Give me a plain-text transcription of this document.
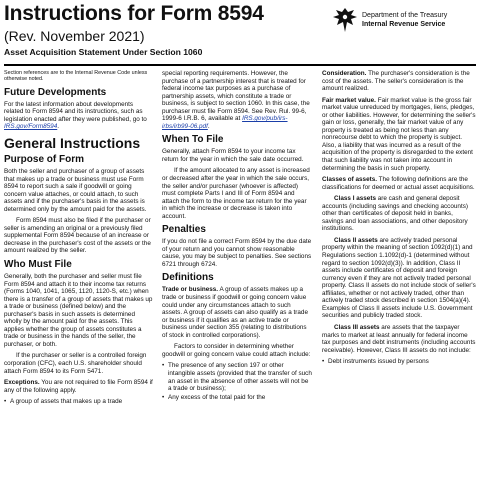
Instructions for Form 8594
(Rev. November 2021)
Asset Acquisition Statement Under Section 1060
Department of the Treasury
Internal Revenue Service

Section references are to the Internal Revenue Code unless otherwise noted.

Future Developments

For the latest information about developments related to Form 8594 and its instructions, such as legislation enacted after they were published, go to IRS.gov/Form8594.

General Instructions
Purpose of Form

Both the seller and purchaser of a group of assets that makes up a trade or business must use Form 8594 to report such a sale if goodwill or going concern value attaches, or could attach, to such assets and if the purchaser's basis in the assets is determined only by the amount paid for the assets.

Form 8594 must also be filed if the purchaser or seller is amending an original or a previously filed supplemental Form 8594 because of an increase or decrease in the purchaser's cost of the assets or the amount realized by the seller.

Who Must File

Generally, both the purchaser and seller must file Form 8594 and attach it to their income tax returns (Forms 1040, 1041, 1065, 1120, 1120-S, etc.) when there is a transfer of a group of assets that makes up a trade or business (defined below) and the purchaser's basis in such assets is determined wholly by the amount paid for the assets. This applies whether the group of assets constitutes a trade or business in the hands of the seller, the purchaser, or both.

If the purchaser or seller is a controlled foreign corporation (CFC), each U.S. shareholder should attach Form 8594 to its Form 5471.

Exceptions. You are not required to file Form 8594 if any of the following apply.

• A group of assets that makes up a trade

special reporting requirements. However, the purchase of a partnership interest that is treated for federal income tax purposes as a purchase of partnership assets, which constitute a trade or business, is subject to section 1060. In this case, the purchaser must file Form 8594. See Rev. Rul. 99-6, 1999-6 I.R.B. 6, available at IRS.gov/pub/irs-irbs/irb99-06.pdf.

When To File

Generally, attach Form 8594 to your income tax return for the year in which the sale date occurred.

If the amount allocated to any asset is increased or decreased after the year in which the sale occurs, the seller and/or purchaser (whoever is affected) must complete Parts I and III of Form 8594 and attach the form to the income tax return for the year in which the increase or decrease is taken into account.

Penalties

If you do not file a correct Form 8594 by the due date of your return and you cannot show reasonable cause, you may be subject to penalties. See sections 6721 through 6724.

Definitions

Trade or business. A group of assets makes up a trade or business if goodwill or going concern value could under any circumstances attach to such assets. A group of assets can also qualify as a trade or business if it qualifies as an active trade or business under section 355 (relating to distributions of stock in controlled corporations).

Factors to consider in determining whether goodwill or going concern value could attach include:

• The presence of any section 197 or other intangible assets (provided that the transfer of such an asset in the absence of other assets will not be a trade or business);
• Any excess of the total paid for the

Consideration. The purchaser's consideration is the cost of the assets. The seller's consideration is the amount realized.

Fair market value. Fair market value is the gross fair market value unreduced by mortgages, liens, pledges, or other liabilities. However, for determining the seller's gain or loss, generally, the fair market value of any property is treated as being not less than any nonrecourse debt to which the property is subject. Also, a liability that was incurred as a result of the acquisition of the property is disregarded to the extent that such liability was not taken into account in determining the basis in such property.

Classes of assets. The following definitions are the classifications for deemed or actual asset acquisitions.

Class I assets are cash and general deposit accounts (including savings and checking accounts) other than certificates of deposit held in banks, savings and loan associations, and other depository institutions.

Class II assets are actively traded personal property within the meaning of section 1092(d)(1) and Regulations section 1.1092(d)-1 (determined without regard to section 1092(d)(3)). In addition, Class II assets include certificates of deposit and foreign currency even if they are not actively traded personal property. Class II assets do not include stock of seller's affiliates, whether or not actively traded, other than actively traded stock described in section 1504(a)(4). Examples of Class II assets include U.S. Government securities and publicly traded stock.

Class III assets are assets that the taxpayer marks to market at least annually for federal income tax purposes and debt instruments (including accounts receivable). However, Class III assets do not include:

• Debt instruments issued by persons
